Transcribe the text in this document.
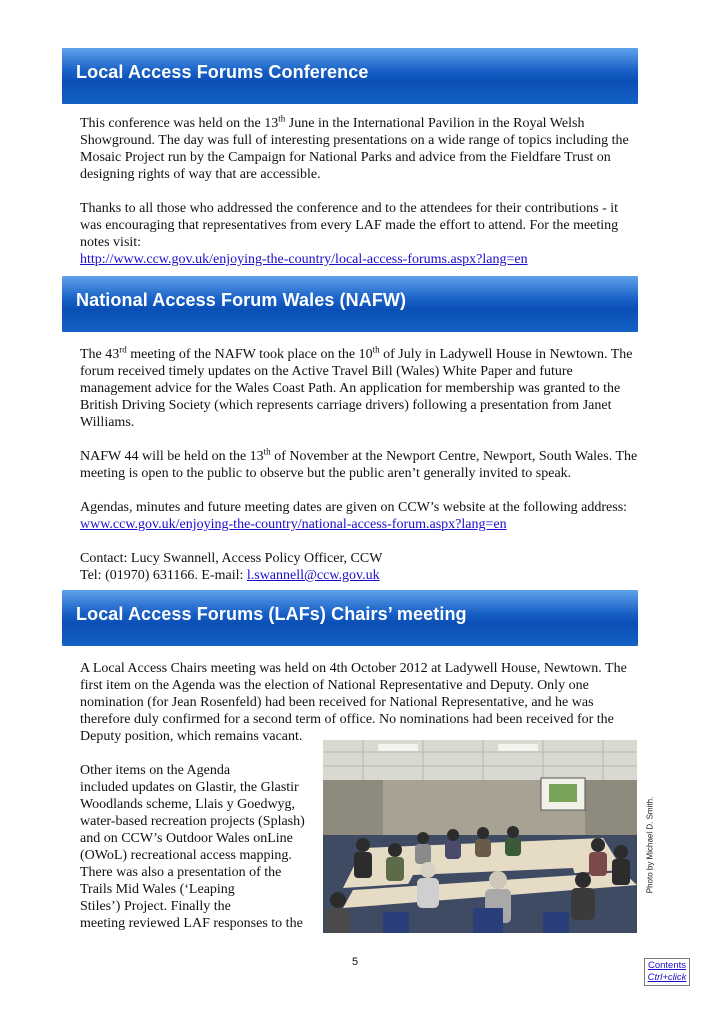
Local Access Forums Conference

This conference was held on the 13th June in the International Pavilion in the Royal Welsh Showground. The day was full of interesting presentations on a wide range of topics including the Mosaic Project run by the Campaign for National Parks and advice from the Fieldfare Trust on designing rights of way that are accessible.

Thanks to all those who addressed the conference and to the attendees for their contributions - it was encouraging that representatives from every LAF made the effort to attend. For the meeting notes visit:
http://www.ccw.gov.uk/enjoying-the-country/local-access-forums.aspx?lang=en

National Access Forum Wales (NAFW)

The 43rd meeting of the NAFW took place on the 10th of July in Ladywell House in Newtown. The forum received timely updates on the Active Travel Bill (Wales) White Paper and future management advice for the Wales Coast Path. An application for membership was granted to the British Driving Society (which represents carriage drivers) following a presentation from Janet Williams.

NAFW 44 will be held on the 13th of November at the Newport Centre, Newport, South Wales. The meeting is open to the public to observe but the public aren’t generally invited to speak.

Agendas, minutes and future meeting dates are given on CCW’s website at the following address: www.ccw.gov.uk/enjoying-the-country/national-access-forum.aspx?lang=en

Contact: Lucy Swannell, Access Policy Officer, CCW
Tel: (01970) 631166. E-mail: l.swannell@ccw.gov.uk

Local Access Forums (LAFs) Chairs’ meeting

A Local Access Chairs meeting was held on 4th October 2012 at Ladywell House, Newtown. The first item on the Agenda was the election of National Representative and Deputy. Only one nomination (for Jean Rosenfeld) had been received for National Representative, and he was therefore duly confirmed for a second term of office. No nominations had been received for the Deputy position, which remains vacant.

Other items on the Agenda
included updates on Glastir, the Glastir
Woodlands scheme, Llais y Goedwyg,
water-based recreation projects (Splash)
and on CCW’s Outdoor Wales onLine
(OWoL) recreational access mapping.
There was also a presentation of the
Trails Mid Wales (‘Leaping
Stiles’) Project. Finally the
meeting reviewed LAF responses to the
Photo by Michael D. Smith.
5	Contents
Ctrl+click
